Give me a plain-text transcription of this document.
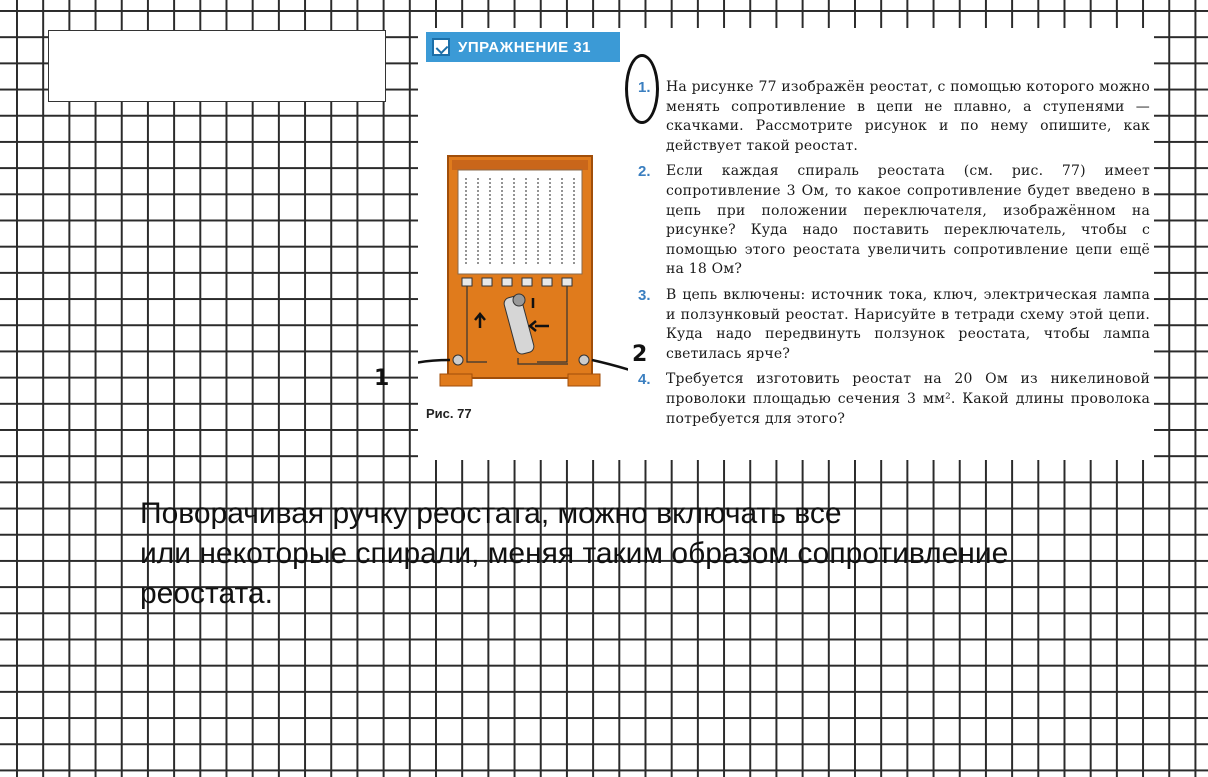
УПРАЖНЕНИЕ 31
Рис. 77
1.	На рисунке 77 изображён реостат, с помощью которого можно менять сопротивление в цепи не плавно, а ступенями — скачками. Рассмотрите рисунок и по нему опишите, как действует такой реостат.
2.	Если каждая спираль реостата (см. рис. 77) имеет сопротивление 3 Ом, то какое сопротивление будет введено в цепь при положении переключателя, изображённом на рисунке? Куда надо поставить переключатель, чтобы с помощью этого реостата увеличить сопротивление цепи ещё на 18 Ом?
3.	В цепь включены: источник тока, ключ, электрическая лампа и ползунковый реостат. Нарисуйте в тетради схему этой цепи. Куда надо передвинуть ползунок реостата, чтобы лампа светилась ярче?
4.	Требуется изготовить реостат на 20 Ом из никелиновой проволоки площадью сечения 3 мм². Какой длины проволока потребуется для этого?
1
2
Поворачивая ручку реостата, можно включать все
или некоторые спирали, меняя таким образом сопротивление
реостата.
